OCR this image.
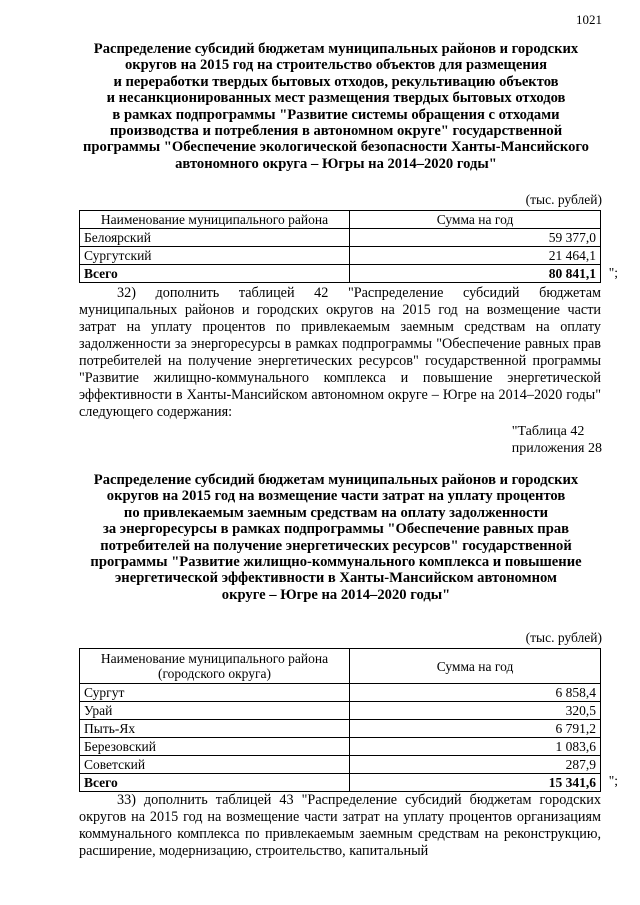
1021
Распределение субсидий бюджетам муниципальных районов и городских
округов на 2015 год на строительство объектов для размещения
и переработки твердых бытовых отходов, рекультивацию объектов
и несанкционированных мест размещения твердых бытовых отходов
в рамках подпрограммы "Развитие системы обращения с отходами
производства и потребления в автономном округе" государственной
программы "Обеспечение экологической безопасности Ханты-Мансийского
автономного округа – Югры на 2014–2020 годы"
(тыс. рублей)
Наименование муниципального района	Сумма на год
Белоярский	59 377,0
Сургутский	21 464,1
Всего	80 841,1 ";

32) дополнить таблицей 42 "Распределение субсидий бюджетам муниципальных районов и городских округов на 2015 год на возмещение части затрат на уплату процентов по привлекаемым заемным средствам на оплату задолженности за энергоресурсы в рамках подпрограммы "Обеспечение равных прав потребителей на получение энергетических ресурсов" государственной программы "Развитие жилищно-коммунального комплекса и повышение энергетической эффективности в Ханты-Мансийском автономном округе – Югре на 2014–2020 годы" следующего содержания:

"Таблица 42
приложения 28
Распределение субсидий бюджетам муниципальных районов и городских
округов на 2015 год на возмещение части затрат на уплату процентов
по привлекаемым заемным средствам на оплату задолженности
за энергоресурсы в рамках подпрограммы "Обеспечение равных прав
потребителей на получение энергетических ресурсов" государственной
программы "Развитие жилищно-коммунального комплекса и повышение
энергетической эффективности в Ханты-Мансийском автономном
округе – Югре на 2014–2020 годы"
(тыс. рублей)
Наименование муниципального района
(городского округа)	Сумма на год
Сургут	6 858,4
Урай	320,5
Пыть-Ях	6 791,2
Березовский	1 083,6
Советский	287,9
Всего	15 341,6 ";

33) дополнить таблицей 43 "Распределение субсидий бюджетам городских округов на 2015 год на возмещение части затрат на уплату процентов организациям коммунального комплекса по привлекаемым заемным средствам на реконструкцию, расширение, модернизацию, строительство, капитальный
